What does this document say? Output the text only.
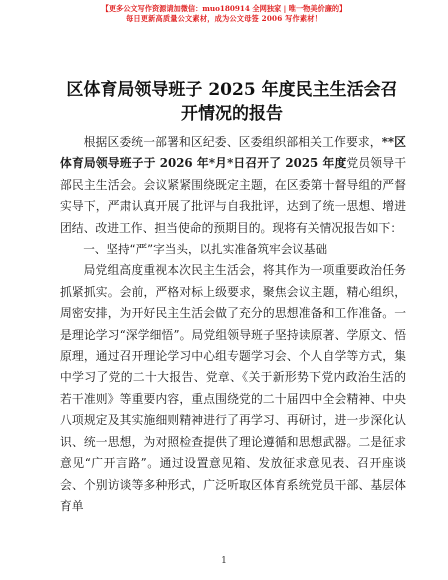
【更多公文写作资源请加微信：muo180914 全网独家 | 唯一物美价廉的】
每日更新高质量公文素材，成为公文母签 2006 写作素材！
区体育局领导班子 2025 年度民主生活会召开情况的报告

根据区委统一部署和区纪委、区委组织部相关工作要求，**区体育局领导班子于 2026 年*月*日召开了 2025 年度党员领导干部民主生活会。会议紧紧围绕既定主题，在区委第十督导组的严督实导下，严肃认真开展了批评与自我批评，达到了统一思想、增进团结、改进工作、担当使命的预期目的。现将有关情况报告如下：

一、坚持“严”字当头，以扎实准备筑牢会议基础

局党组高度重视本次民主生活会，将其作为一项重要政治任务抓紧抓实。会前，严格对标上级要求，聚焦会议主题，精心组织，周密安排，为开好民主生活会做了充分的思想准备和工作准备。一是理论学习“深学细悟”。局党组领导班子坚持读原著、学原文、悟原理，通过召开理论学习中心组专题学习会、个人自学等方式，集中学习了党的二十大报告、党章、《关于新形势下党内政治生活的若干准则》等重要内容，重点围绕党的二十届四中全会精神、中央八项规定及其实施细则精神进行了再学习、再研讨，进一步深化认识、统一思想，为对照检查提供了理论遵循和思想武器。二是征求意见“广开言路”。通过设置意见箱、发放征求意见表、召开座谈会、个别访谈等多种形式，广泛听取区体育系统党员干部、基层体育单

1
